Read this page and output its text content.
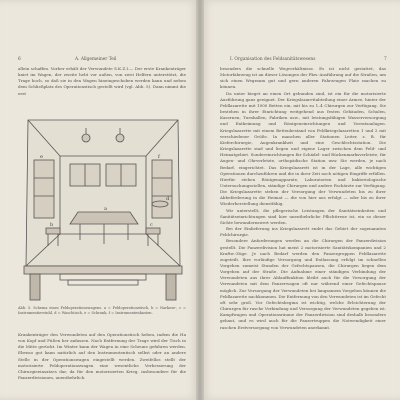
6	A. Allgemeiner Teil

allein schaffen. Vorher erhält der Verwundete S.K.Z.I.— Der erste Krankenträger kniet im Wagen, der zweite hebt vor außen, von zwei Helfern unterstützt, die Trage hoch, so daß sie in den Wagen hineingeschoben werden kann und neben dem Schließplatz des Operationstisch gestellt wird (vgl. Abb. 5). Dann nimmt die erst

a
b	c
d
e	f
Abb. 5. Schema eines Feldoperationswagens. a = Feldoperationstisch, b = Narkose-, c = Instrumentierstuhl, d = Waschtisch, e = Schrank, f = Instrumentenkasten.

Krankenträger den Verwundeten auf den Operationstisch heben, indem die Ha von Kopf und Füßen her anfassen. Nach Entfernung der Trage wird der Tisch in die Mitte gerückt. Im Winter kann der Wagen in eine Scheune gefahren werden. Ebenso gut kann natürlich auf den Instrumententisch selbst oder an andere Stelle in der Operationswagen eingestellt werden. Zweifellos stellt der motorisierte Feldoperationswagen eine wesentliche Verbesserung der Chirurgieeinsatzes dar, da für den motorisierten Krieg, insbesondere für die Panzerdivisionen, unentbehrlich.

I. Organisation des Feldsanitätswesens	7

besonders die schnelle Wegverhältnisse. Es ist nicht gestattet, das Motorfahrzeug ist an dieser Lösungen der Pkw.-Ausführung auf die Straßen, um sich einen Wegraum gut und gern anderen Fahrzeugen Platz machen zu können.

Da unter bieget an einen Ort gebunden sind, ist ein für die motorisierte Ausführung ganz geeignet. Der Kriegslazarettabteilung einer Armee, hinter der Feldlazarette mit 1000 Betten ein, mit bis zu 1–4 Chirurgen zur Verfügung. Sie bestehen in ihrer Einrichtung weitgehend aus festen Gebäuden, Schulen, Kasernen, Turnhallen, Fabriken usw., mit leistungsfähigen Wasserversorgung und Entkeimung und Röntgeneinrichtungen und Vorratsanlagen. Kriegslazarette mit einem Bettenbestand von Feldkriegslazaretten 1 und 2 mit verschiedener Größe. In manchen aller Stationen Leiter, z. B. für Kieferchirurgie, Augenkrankheit und eine Geschlechtsstation. Die Kriegslazarette sind und liegen und eigene Lager zwischen dem Feld- und Heimatgebiet. Sondereinrichtungen für Schädel- und Rückenmarksverletzte, für Augen- und Ohrverletzte, orthopädische Station usw. Sie werden, je nach Bedarf, eingerichtet. Das Kriegslazarett ist in der Lage, alle wichtigen Operationen durchzuführen und die in ihrer Zeit noch nötigen Eingriffe erfüllen. Hierfür stehen Röntgenapparate, Laboratorien und bakteriologische Untersuchungsstellen, ständige Chirurgen und andere Fachärzte zur Verfügung. Die Kriegslazarette stehen der Versorgung der Verwundeten bis zu ihrer Abbeförderung in die Heimat — die von hier aus erfolgt — oder bis zu ihrer Wiederherstellung dienstfähig.

Wir unterstellt, die pflegerische Leistungen der Sanitätseinheiten und Sanitätseinrichtungen sind hier unentbehrliche Pflichttreue ist, ein so dieser Sichte bewundernswert werden.

Bei der Einlieferung ins Kriegslazarett endet das Gebiet der sogenannten Feldchirurgie.

Besondere Anforderungen werden an die Chirurgen der Panzerdivision gestellt. Die Panzerdivision hat meist 2 motorisierte Sanitätskompanien und 2 Kraftw.-Züge. Je nach Bedarf werden den Panzergruppen Feldlazarette zugeteilt. Ihre vorläufige Versorgung und Entlassung erfolgt im schnellen Vorgehen zumeist Stunden der Gefechtspausen, die Chirurgen liegen dem Vorgehen auf der Straße. Die Aufnahme einer ständigen Verbindung der Verwundeten aus ihrer Ablauffunktion bleibt auch für die Versorgung der Verwundeten mit dem Panzerwagen oft nur während einer Gefechtspause möglich. Zur Versorgung der Verwundeten bei langsamem Vorgehen können die Feldlazarette nachkommen. Die Entfernung von den Verwundeten ist im Gefecht oft sehr groß. Vor Gefechtsbeginn ist wichtig, welche Erleichterung der Chirurgen für rasche Verbindung und Versorgung der Verwundeten gegeben ist. Kampfwagen und Operationsräume der Panzerdivision sind deshalb besonders gebaut, und es wird auch für die Panzertruppen die Notwendigkeit einer raschen Erstversorgung von Verwundeten anerkannt.
